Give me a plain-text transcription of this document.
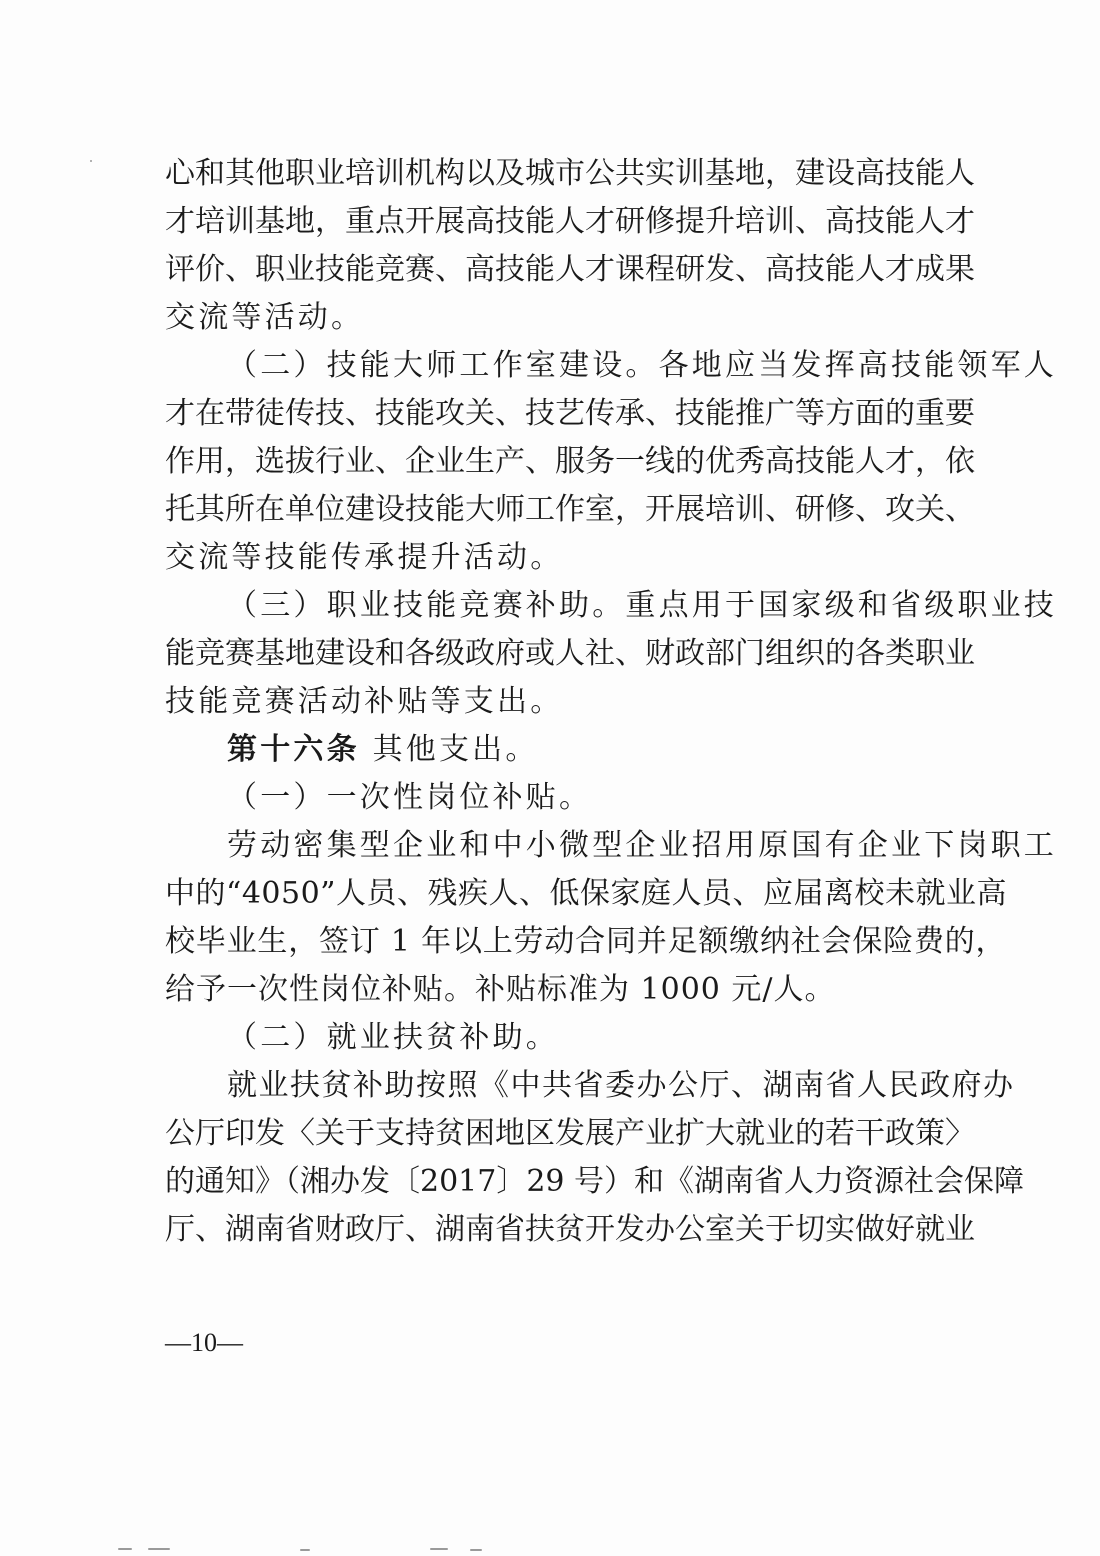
心和其他职业培训机构以及城市公共实训基地，建设高技能人
才培训基地，重点开展高技能人才研修提升培训、高技能人才
评价、职业技能竞赛、高技能人才课程研发、高技能人才成果
交流等活动。
（二）技能大师工作室建设。各地应当发挥高技能领军人
才在带徒传技、技能攻关、技艺传承、技能推广等方面的重要
作用，选拔行业、企业生产、服务一线的优秀高技能人才，依
托其所在单位建设技能大师工作室，开展培训、研修、攻关、
交流等技能传承提升活动。
（三）职业技能竞赛补助。重点用于国家级和省级职业技
能竞赛基地建设和各级政府或人社、财政部门组织的各类职业
技能竞赛活动补贴等支出。
第十六条 其他支出。
（一）一次性岗位补贴。
劳动密集型企业和中小微型企业招用原国有企业下岗职工
中的“4050”人员、残疾人、低保家庭人员、应届离校未就业高
校毕业生，签订 1 年以上劳动合同并足额缴纳社会保险费的，
给予一次性岗位补贴。补贴标准为 1000 元/人。
（二）就业扶贫补助。
就业扶贫补助按照《中共省委办公厅、湖南省人民政府办
公厅印发〈关于支持贫困地区发展产业扩大就业的若干政策〉
的通知》（湘办发〔2017〕29 号）和《湖南省人力资源社会保障
厅、湖南省财政厅、湖南省扶贫开发办公室关于切实做好就业
—10—
